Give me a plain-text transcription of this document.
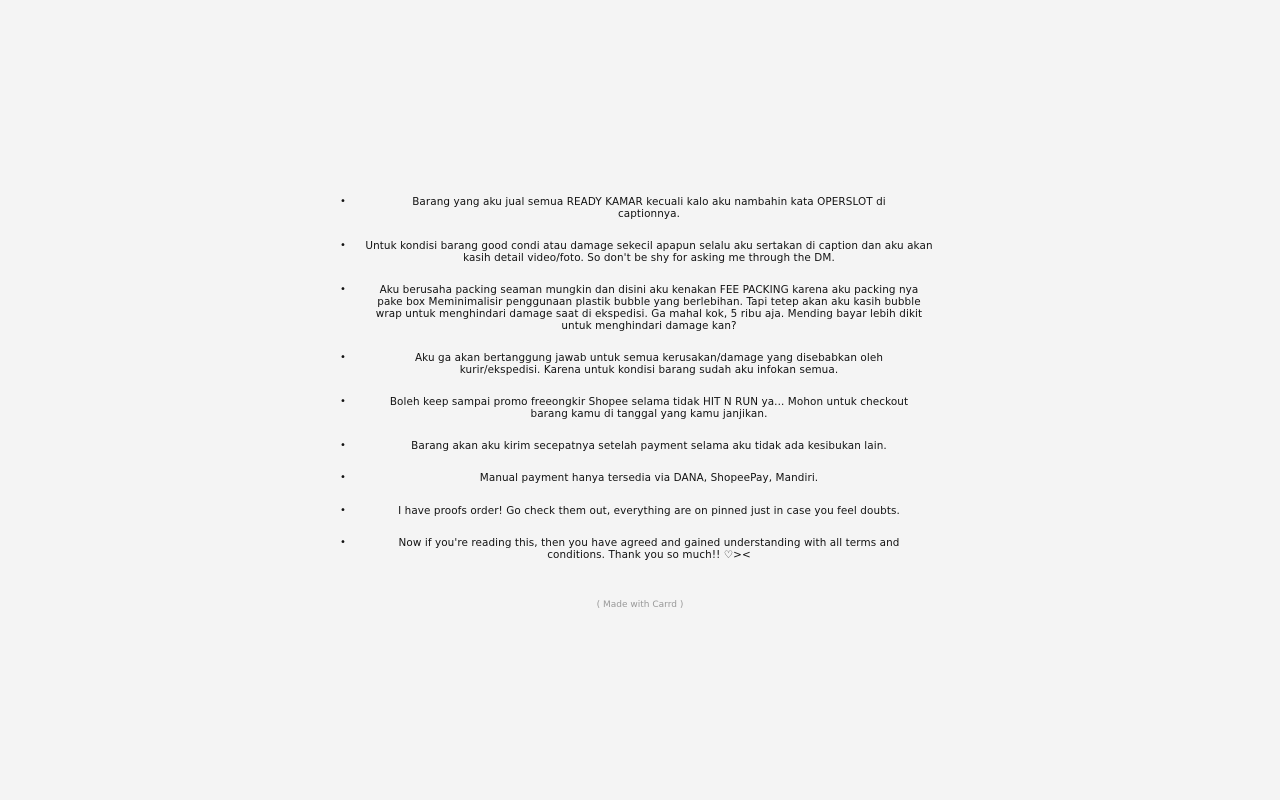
•	Barang yang aku jual semua READY KAMAR kecuali kalo aku nambahin kata OPERSLOT di captionnya.
•	Untuk kondisi barang good condi atau damage sekecil apapun selalu aku sertakan di caption dan aku akan kasih detail video/foto. So don't be shy for asking me through the DM.
•	Aku berusaha packing seaman mungkin dan disini aku kenakan FEE PACKING karena aku packing nya pake box Meminimalisir penggunaan plastik bubble yang berlebihan. Tapi tetep akan aku kasih bubble wrap untuk menghindari damage saat di ekspedisi. Ga mahal kok, 5 ribu aja. Mending bayar lebih dikit untuk menghindari damage kan?
•	Aku ga akan bertanggung jawab untuk semua kerusakan/damage yang disebabkan oleh kurir/ekspedisi. Karena untuk kondisi barang sudah aku infokan semua.
•	Boleh keep sampai promo freeongkir Shopee selama tidak HIT N RUN ya... Mohon untuk checkout barang kamu di tanggal yang kamu janjikan.
•	Barang akan aku kirim secepatnya setelah payment selama aku tidak ada kesibukan lain.
•	Manual payment hanya tersedia via DANA, ShopeePay, Mandiri.
•	I have proofs order! Go check them out, everything are on pinned just in case you feel doubts.
•	Now if you're reading this, then you have agreed and gained understanding with all terms and conditions. Thank you so much!! ♡><
( Made with Carrd )
